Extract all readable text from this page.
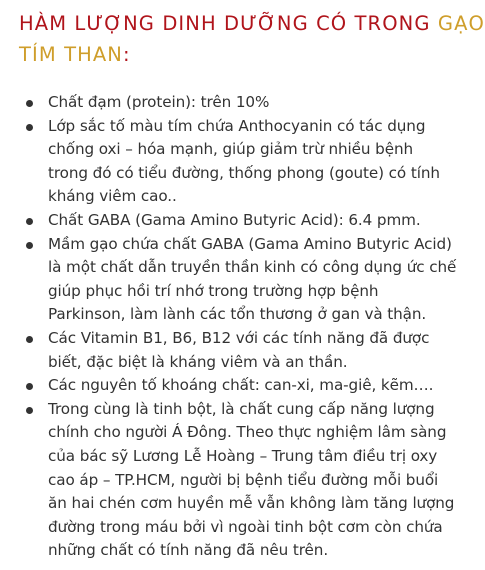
HÀM LƯỢNG DINH DƯỠNG CÓ TRONG GẠO
TÍM THAN:
Chất đạm (protein): trên 10%
Lớp sắc tố màu tím chứa Anthocyanin có tác dụng
chống oxi – hóa mạnh, giúp giảm trừ nhiều bệnh
trong đó có tiểu đường, thống phong (goute) có tính
kháng viêm cao..
Chất GABA (Gama Amino Butyric Acid): 6.4 pmm.
Mầm gạo chứa chất GABA (Gama Amino Butyric Acid)
là một chất dẫn truyền thần kinh có công dụng ức chế
giúp phục hồi trí nhớ trong trường hợp bệnh
Parkinson, làm lành các tổn thương ở gan và thận.
Các Vitamin B1, B6, B12 với các tính năng đã được
biết, đặc biệt là kháng viêm và an thần.
Các nguyên tố khoáng chất: can-xi, ma-giê, kẽm….
Trong cùng là tinh bột, là chất cung cấp năng lượng
chính cho người Á Đông. Theo thực nghiệm lâm sàng
của bác sỹ Lương Lễ Hoàng – Trung tâm điều trị oxy
cao áp – TP.HCM, người bị bệnh tiểu đường mỗi buổi
ăn hai chén cơm huyền mễ vẫn không làm tăng lượng
đường trong máu bởi vì ngoài tinh bột cơm còn chứa
những chất có tính năng đã nêu trên.
